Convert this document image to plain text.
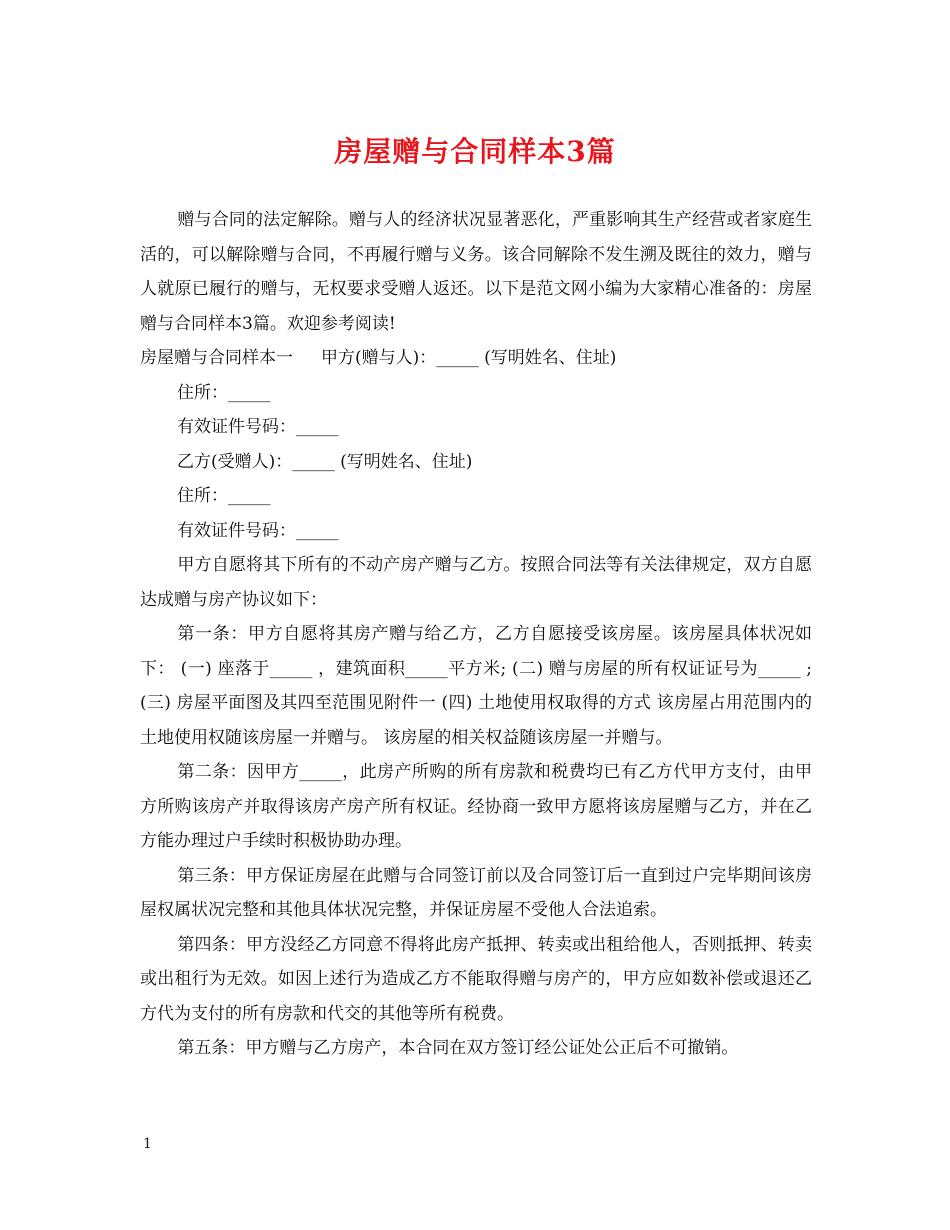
房屋赠与合同样本3篇

赠与合同的法定解除。赠与人的经济状况显著恶化，严重影响其生产经营或者家庭生活的，可以解除赠与合同，不再履行赠与义务。该合同解除不发生溯及既往的效力，赠与人就原已履行的赠与，无权要求受赠人返还。以下是范文网小编为大家精心准备的：房屋赠与合同样本3篇。欢迎参考阅读!

房屋赠与合同样本一 甲方(赠与人)：_____ (写明姓名、住址)

住所：_____

有效证件号码：_____

乙方(受赠人)：_____ (写明姓名、住址)

住所：_____

有效证件号码：_____

甲方自愿将其下所有的不动产房产赠与乙方。按照合同法等有关法律规定，双方自愿达成赠与房产协议如下：

第一条：甲方自愿将其房产赠与给乙方，乙方自愿接受该房屋。该房屋具体状况如下： (一) 座落于_____ ，建筑面积_____平方米; (二) 赠与房屋的所有权证证号为_____ ; (三) 房屋平面图及其四至范围见附件一 (四) 土地使用权取得的方式 该房屋占用范围内的土地使用权随该房屋一并赠与。 该房屋的相关权益随该房屋一并赠与。

第二条：因甲方_____，此房产所购的所有房款和税费均已有乙方代甲方支付，由甲方所购该房产并取得该房产房产所有权证。经协商一致甲方愿将该房屋赠与乙方，并在乙方能办理过户手续时积极协助办理。

第三条：甲方保证房屋在此赠与合同签订前以及合同签订后一直到过户完毕期间该房屋权属状况完整和其他具体状况完整，并保证房屋不受他人合法追索。

第四条：甲方没经乙方同意不得将此房产抵押、转卖或出租给他人，否则抵押、转卖或出租行为无效。如因上述行为造成乙方不能取得赠与房产的，甲方应如数补偿或退还乙方代为支付的所有房款和代交的其他等所有税费。

第五条：甲方赠与乙方房产，本合同在双方签订经公证处公正后不可撤销。

1
